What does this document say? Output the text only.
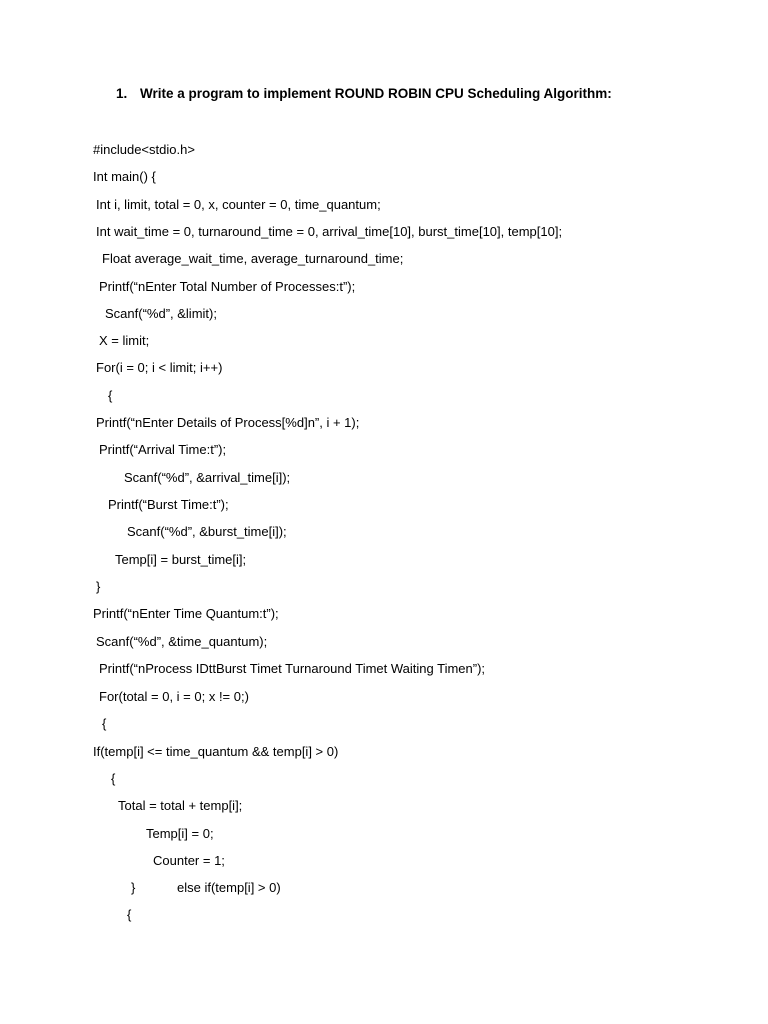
1. Write a program to implement ROUND ROBIN CPU Scheduling Algorithm:
#include<stdio.h>
Int main() {
Int i, limit, total = 0, x, counter = 0, time_quantum;
Int wait_time = 0, turnaround_time = 0, arrival_time[10], burst_time[10], temp[10];
Float average_wait_time, average_turnaround_time;
Printf(“nEnter Total Number of Processes:t”);
Scanf(“%d”, &limit);
X = limit;
For(i = 0; i < limit; i++)
{
Printf(“nEnter Details of Process[%d]n”, i + 1);
Printf(“Arrival Time:t”);
Scanf(“%d”, &arrival_time[i]);
Printf(“Burst Time:t”);
Scanf(“%d”, &burst_time[i]);
Temp[i] = burst_time[i];
}
Printf(“nEnter Time Quantum:t”);
Scanf(“%d”, &time_quantum);
Printf(“nProcess IDttBurst Timet Turnaround Timet Waiting Timen”);
For(total = 0, i = 0; x != 0;)
{
If(temp[i] <= time_quantum && temp[i] > 0)
{
Total = total + temp[i];
Temp[i] = 0;
Counter = 1;
}	else if(temp[i] > 0)
{
